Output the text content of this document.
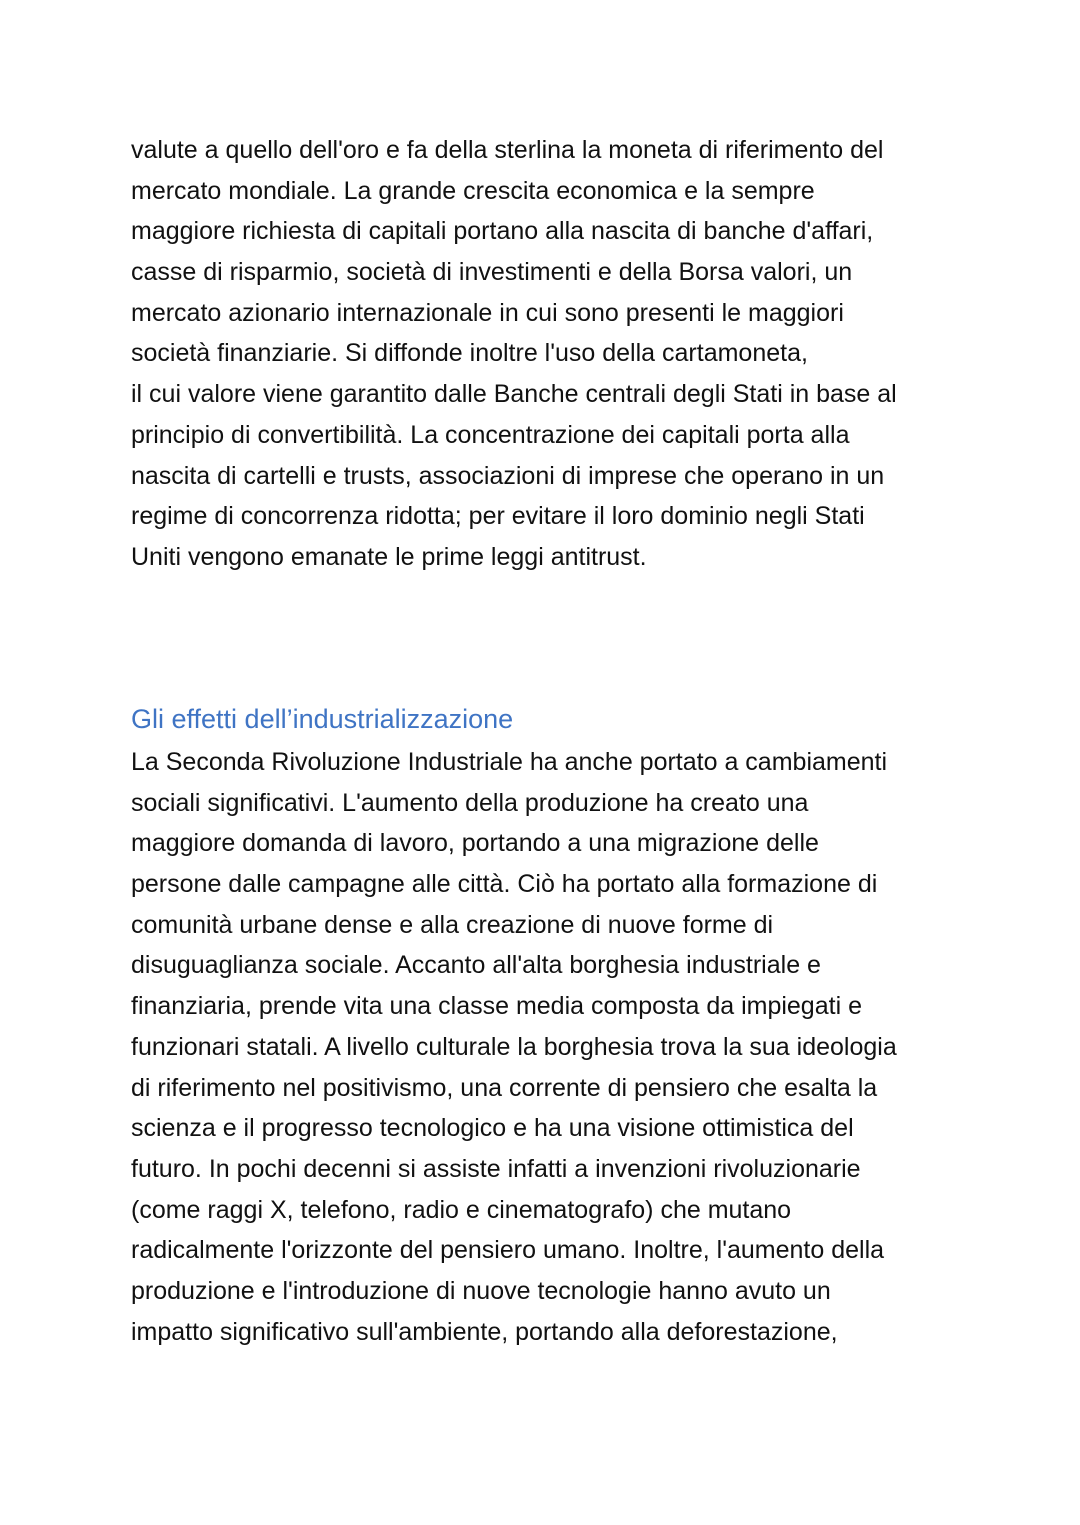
valute a quello dell'oro e fa della sterlina la moneta di riferimento del
mercato mondiale. La grande crescita economica e la sempre
maggiore richiesta di capitali portano alla nascita di banche d'affari,
casse di risparmio, società di investimenti e della Borsa valori, un
mercato azionario internazionale in cui sono presenti le maggiori
società finanziarie. Si diffonde inoltre l'uso della cartamoneta,
il cui valore viene garantito dalle Banche centrali degli Stati in base al
principio di convertibilità. La concentrazione dei capitali porta alla
nascita di cartelli e trusts, associazioni di imprese che operano in un
regime di concorrenza ridotta; per evitare il loro dominio negli Stati
Uniti vengono emanate le prime leggi antitrust.

Gli effetti dell’industrializzazione

La Seconda Rivoluzione Industriale ha anche portato a cambiamenti
sociali significativi. L'aumento della produzione ha creato una
maggiore domanda di lavoro, portando a una migrazione delle
persone dalle campagne alle città. Ciò ha portato alla formazione di
comunità urbane dense e alla creazione di nuove forme di
disuguaglianza sociale. Accanto all'alta borghesia industriale e
finanziaria, prende vita una classe media composta da impiegati e
funzionari statali. A livello culturale la borghesia trova la sua ideologia
di riferimento nel positivismo, una corrente di pensiero che esalta la
scienza e il progresso tecnologico e ha una visione ottimistica del
futuro. In pochi decenni si assiste infatti a invenzioni rivoluzionarie
(come raggi X, telefono, radio e cinematografo) che mutano
radicalmente l'orizzonte del pensiero umano. Inoltre, l'aumento della
produzione e l'introduzione di nuove tecnologie hanno avuto un
impatto significativo sull'ambiente, portando alla deforestazione,
